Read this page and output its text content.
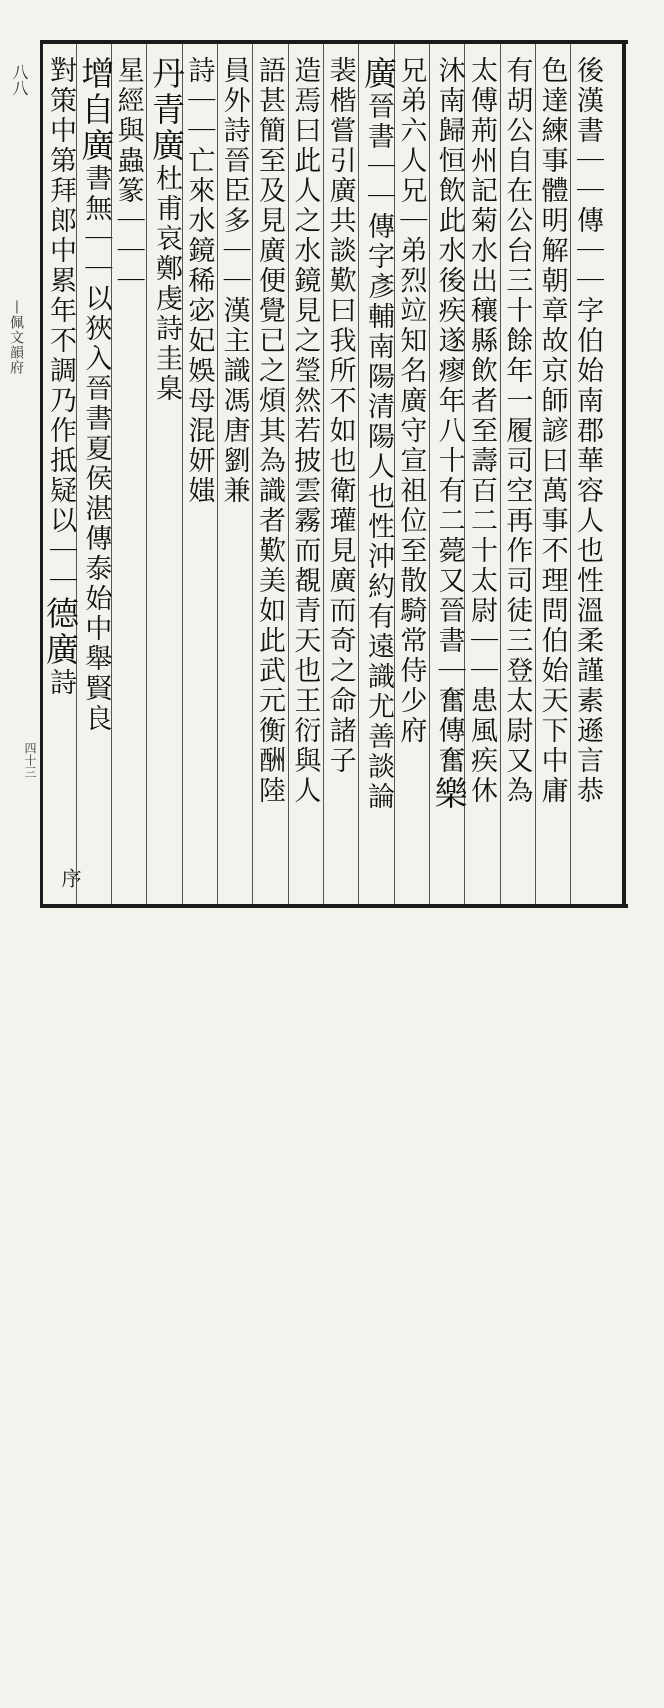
後漢書｜｜傳｜｜字伯始南郡華容人也性溫柔謹素遜言恭
色達練事體明解朝章故京師諺曰萬事不理問伯始天下中庸
有胡公自在公台三十餘年一履司空再作司徒三登太尉又為
太傅荊州記菊水出穰縣飲者至壽百二十太尉｜｜患風疾休
沐南歸恒飲此水後疾遂瘳年八十有二薨又晉書｜奮傳奮樂
兄弟六人兄｜弟烈竝知名廣守宣祖位至散騎常侍少府
廣晉書｜｜傳字彥輔南陽清陽人也性沖約有遠識尤善談論
裴楷嘗引廣共談歎曰我所不如也衛瓘見廣而奇之命諸子
造焉曰此人之水鏡見之瑩然若披雲霧而覩青天也王衍與人
語甚簡至及見廣便覺已之煩其為識者歎美如此武元衡酬陸
員外詩晉臣多｜｜漢主識馮唐劉兼
詩｜｜亡來水鏡稀宓妃娛母混妍媸
丹青廣杜甫哀鄭虔詩圭臬
星經與蟲篆｜｜｜
增自廣書無｜｜以狹入晉書夏侯湛傳泰始中舉賢良
對策中第拜郎中累年不調乃作抵疑以｜｜德廣詩
序
八八
丨佩文韻府
四十三
